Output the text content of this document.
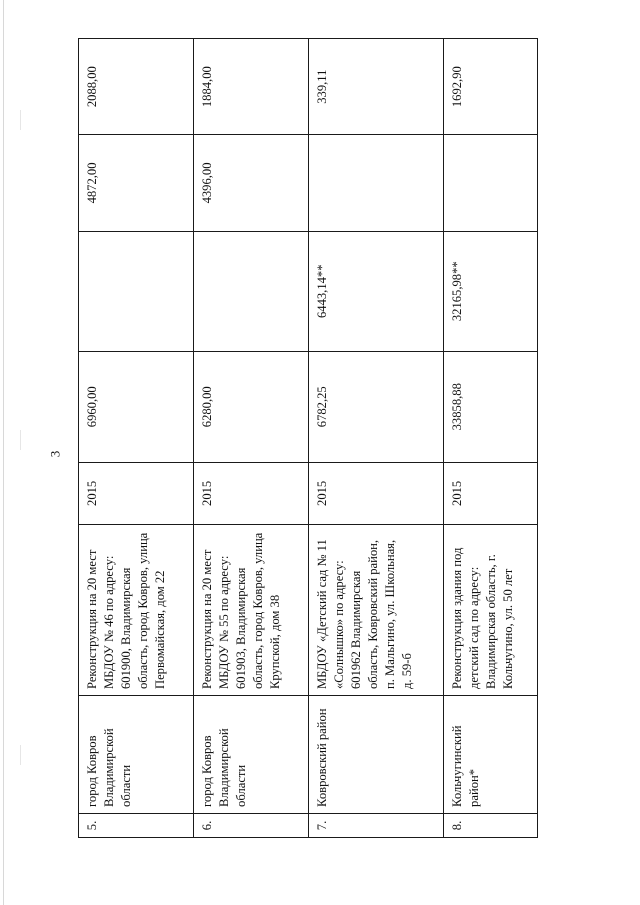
3
5.	город Ковров Владимирской области	Реконструкция на 20 мест МБДОУ № 46 по адресу: 601900, Владимирская область, город Ковров, улица Первомайская, дом 22	2015	6960,00		4872,00	2088,00
6.	город Ковров Владимирской области	Реконструкция на 20 мест МБДОУ № 55 по адресу: 601903, Владимирская область, город Ковров, улица Крупской, дом 38	2015	6280,00		4396,00	1884,00
7.	Ковровский район	МБДОУ «Детский сад № 11 «Солнышко» по адресу: 601962 Владимирская область, Ковровский район, п. Мальгино, ул. Школьная, д. 59-б	2015	6782,25	6443,14**		339,11
8.	Кольчугинский район*	Реконструкция здания под детский сад по адресу: Владимирская область, г. Кольчугино, ул. 50 лет	2015	33858,88	32165,98**		1692,90
